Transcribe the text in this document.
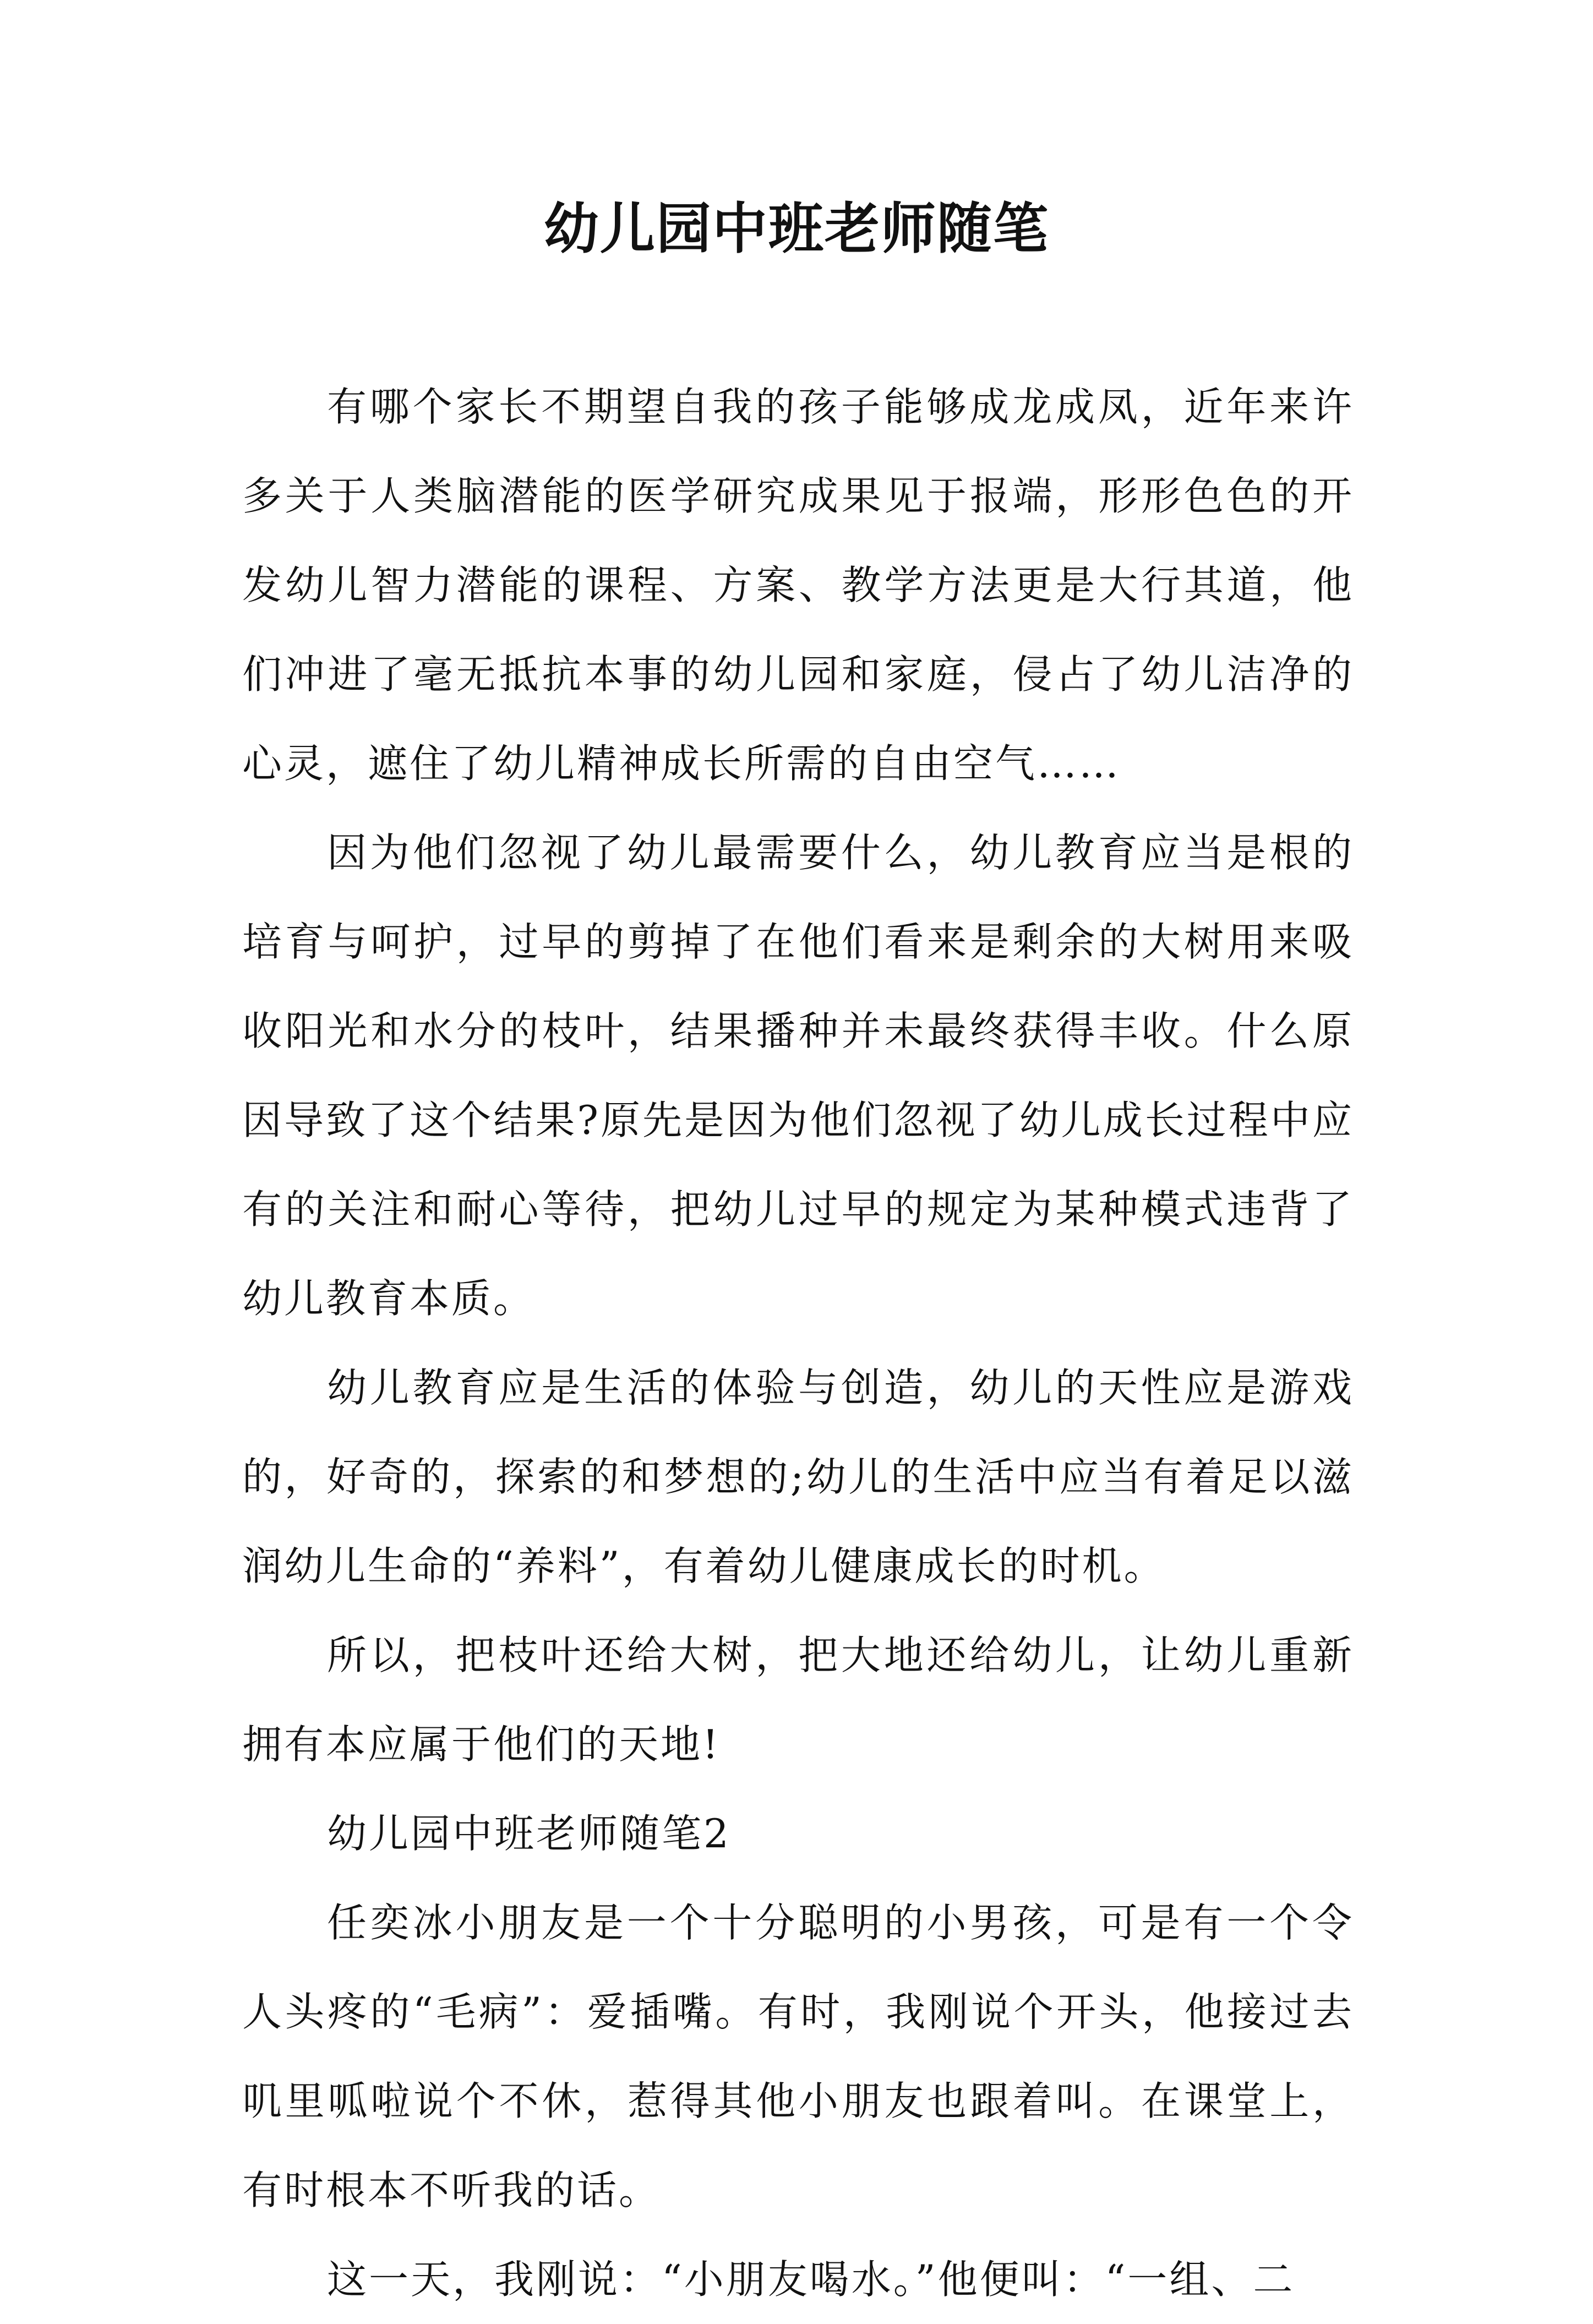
幼儿园中班老师随笔

有哪个家长不期望自我的孩子能够成龙成凤，近年来许多关于人类脑潜能的医学研究成果见于报端，形形色色的开发幼儿智力潜能的课程、方案、教学方法更是大行其道，他们冲进了毫无抵抗本事的幼儿园和家庭，侵占了幼儿洁净的心灵，遮住了幼儿精神成长所需的自由空气……

因为他们忽视了幼儿最需要什么，幼儿教育应当是根的培育与呵护，过早的剪掉了在他们看来是剩余的大树用来吸收阳光和水分的枝叶，结果播种并未最终获得丰收。什么原因导致了这个结果?原先是因为他们忽视了幼儿成长过程中应有的关注和耐心等待，把幼儿过早的规定为某种模式违背了幼儿教育本质。

幼儿教育应是生活的体验与创造，幼儿的天性应是游戏的，好奇的，探索的和梦想的;幼儿的生活中应当有着足以滋润幼儿生命的“养料”，有着幼儿健康成长的时机。

所以，把枝叶还给大树，把大地还给幼儿，让幼儿重新拥有本应属于他们的天地!

幼儿园中班老师随笔2

任奕冰小朋友是一个十分聪明的小男孩，可是有一个令人头疼的“毛病”：爱插嘴。有时，我刚说个开头，他接过去叽里呱啦说个不休，惹得其他小朋友也跟着叫。在课堂上，有时根本不听我的话。

这一天，我刚说：“小朋友喝水。”他便叫：“一组、二
